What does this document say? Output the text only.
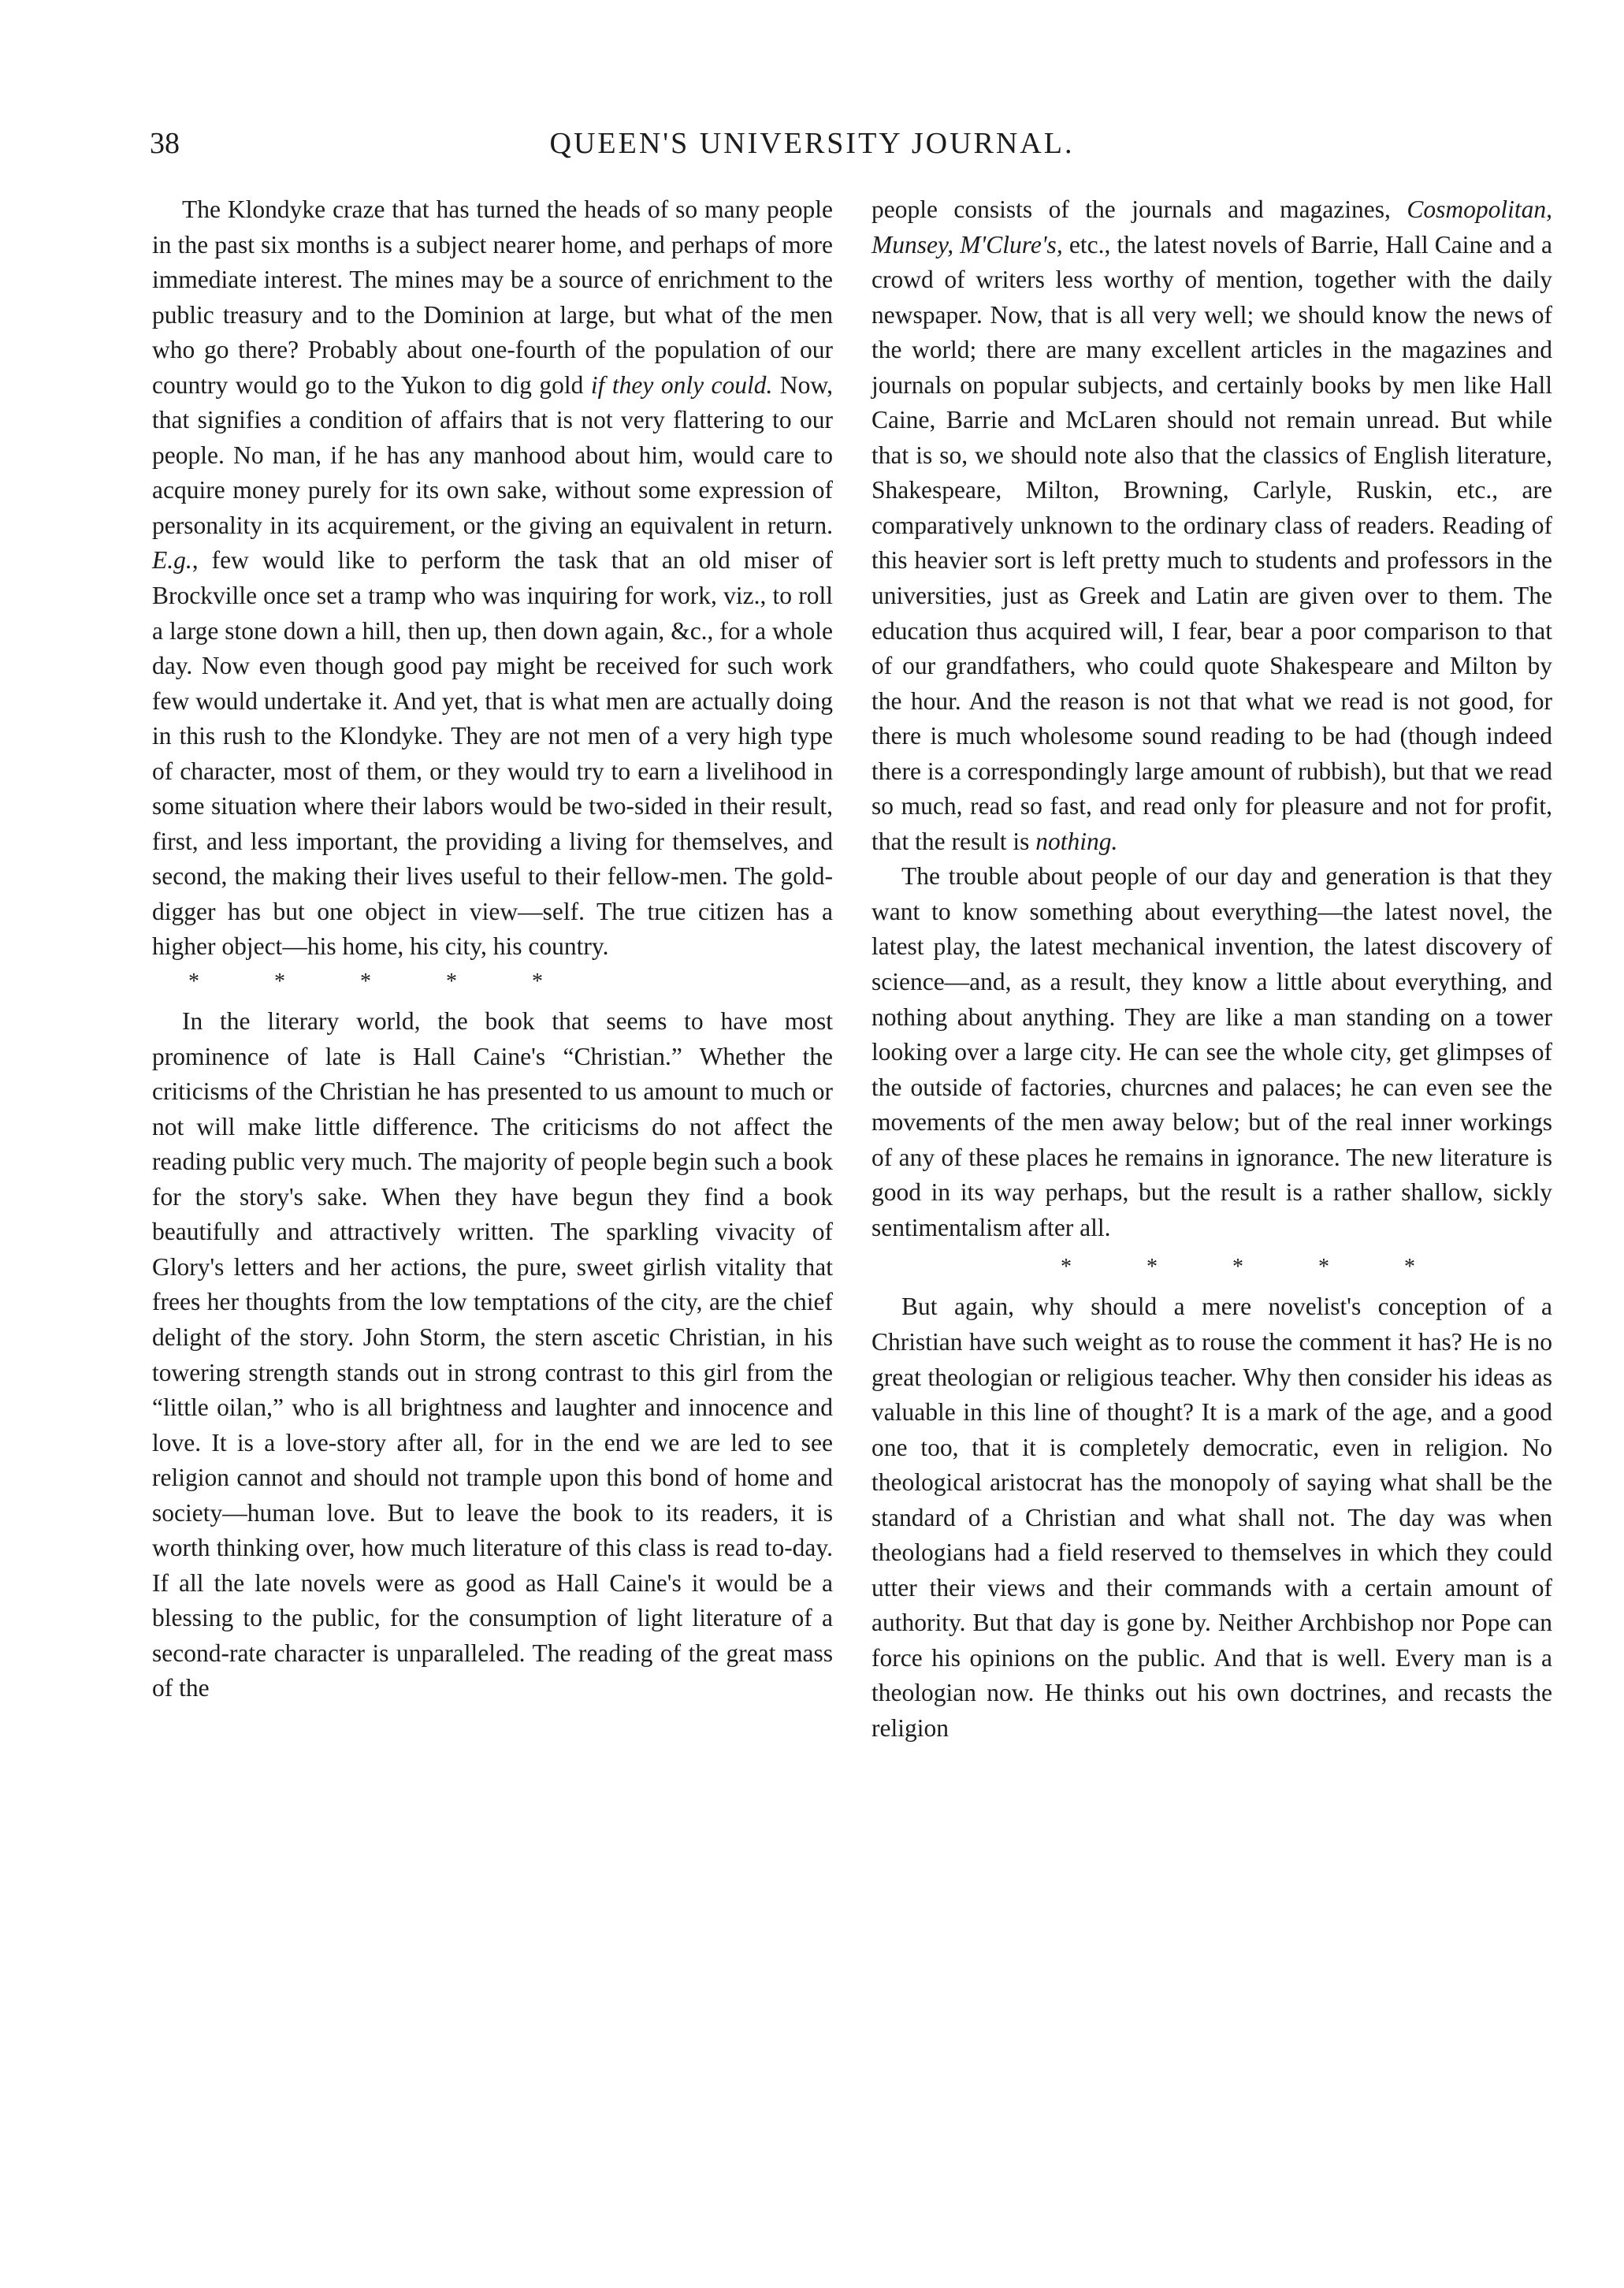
38	QUEEN'S UNIVERSITY JOURNAL.

The Klondyke craze that has turned the heads of so many people in the past six months is a subject nearer home, and perhaps of more immediate interest. The mines may be a source of enrichment to the public treasury and to the Dominion at large, but what of the men who go there? Probably about one-fourth of the population of our country would go to the Yukon to dig gold if they only could. Now, that signifies a condition of affairs that is not very flattering to our people. No man, if he has any manhood about him, would care to acquire money purely for its own sake, without some expression of personality in its acquirement, or the giving an equivalent in return. E.g., few would like to perform the task that an old miser of Brockville once set a tramp who was inquiring for work, viz., to roll a large stone down a hill, then up, then down again, &c., for a whole day. Now even though good pay might be received for such work few would undertake it. And yet, that is what men are actually doing in this rush to the Klondyke. They are not men of a very high type of character, most of them, or they would try to earn a livelihood in some situation where their labors would be two-sided in their result, first, and less important, the providing a living for themselves, and second, the making their lives useful to their fellow-men. The gold-digger has but one object in view—self. The true citizen has a higher object—his home, his city, his country.

* * * * *

In the literary world, the book that seems to have most prominence of late is Hall Caine's “Christian.” Whether the criticisms of the Christian he has presented to us amount to much or not will make little difference. The criticisms do not affect the reading public very much. The majority of people begin such a book for the story's sake. When they have begun they find a book beautifully and attractively written. The sparkling vivacity of Glory's letters and her actions, the pure, sweet girlish vitality that frees her thoughts from the low temptations of the city, are the chief delight of the story. John Storm, the stern ascetic Christian, in his towering strength stands out in strong contrast to this girl from the “little oilan,” who is all brightness and laughter and innocence and love. It is a love-story after all, for in the end we are led to see religion cannot and should not trample upon this bond of home and society—human love. But to leave the book to its readers, it is worth thinking over, how much literature of this class is read to-day. If all the late novels were as good as Hall Caine's it would be a blessing to the public, for the consumption of light literature of a second-rate character is unparalleled. The reading of the great mass of the

people consists of the journals and magazines, Cosmopolitan, Munsey, M'Clure's, etc., the latest novels of Barrie, Hall Caine and a crowd of writers less worthy of mention, together with the daily newspaper. Now, that is all very well; we should know the news of the world; there are many excellent articles in the magazines and journals on popular subjects, and certainly books by men like Hall Caine, Barrie and McLaren should not remain unread. But while that is so, we should note also that the classics of English literature, Shakespeare, Milton, Browning, Carlyle, Ruskin, etc., are comparatively unknown to the ordinary class of readers. Reading of this heavier sort is left pretty much to students and professors in the universities, just as Greek and Latin are given over to them. The education thus acquired will, I fear, bear a poor comparison to that of our grandfathers, who could quote Shakespeare and Milton by the hour. And the reason is not that what we read is not good, for there is much wholesome sound reading to be had (though indeed there is a correspondingly large amount of rubbish), but that we read so much, read so fast, and read only for pleasure and not for profit, that the result is nothing.

The trouble about people of our day and generation is that they want to know something about everything—the latest novel, the latest play, the latest mechanical invention, the latest discovery of science—and, as a result, they know a little about everything, and nothing about anything. They are like a man standing on a tower looking over a large city. He can see the whole city, get glimpses of the outside of factories, churcnes and palaces; he can even see the movements of the men away below; but of the real inner workings of any of these places he remains in ignorance. The new literature is good in its way perhaps, but the result is a rather shallow, sickly sentimentalism after all.

* * * * *

But again, why should a mere novelist's conception of a Christian have such weight as to rouse the comment it has? He is no great theologian or religious teacher. Why then consider his ideas as valuable in this line of thought? It is a mark of the age, and a good one too, that it is completely democratic, even in religion. No theological aristocrat has the monopoly of saying what shall be the standard of a Christian and what shall not. The day was when theologians had a field reserved to themselves in which they could utter their views and their commands with a certain amount of authority. But that day is gone by. Neither Archbishop nor Pope can force his opinions on the public. And that is well. Every man is a theologian now. He thinks out his own doctrines, and recasts the religion
